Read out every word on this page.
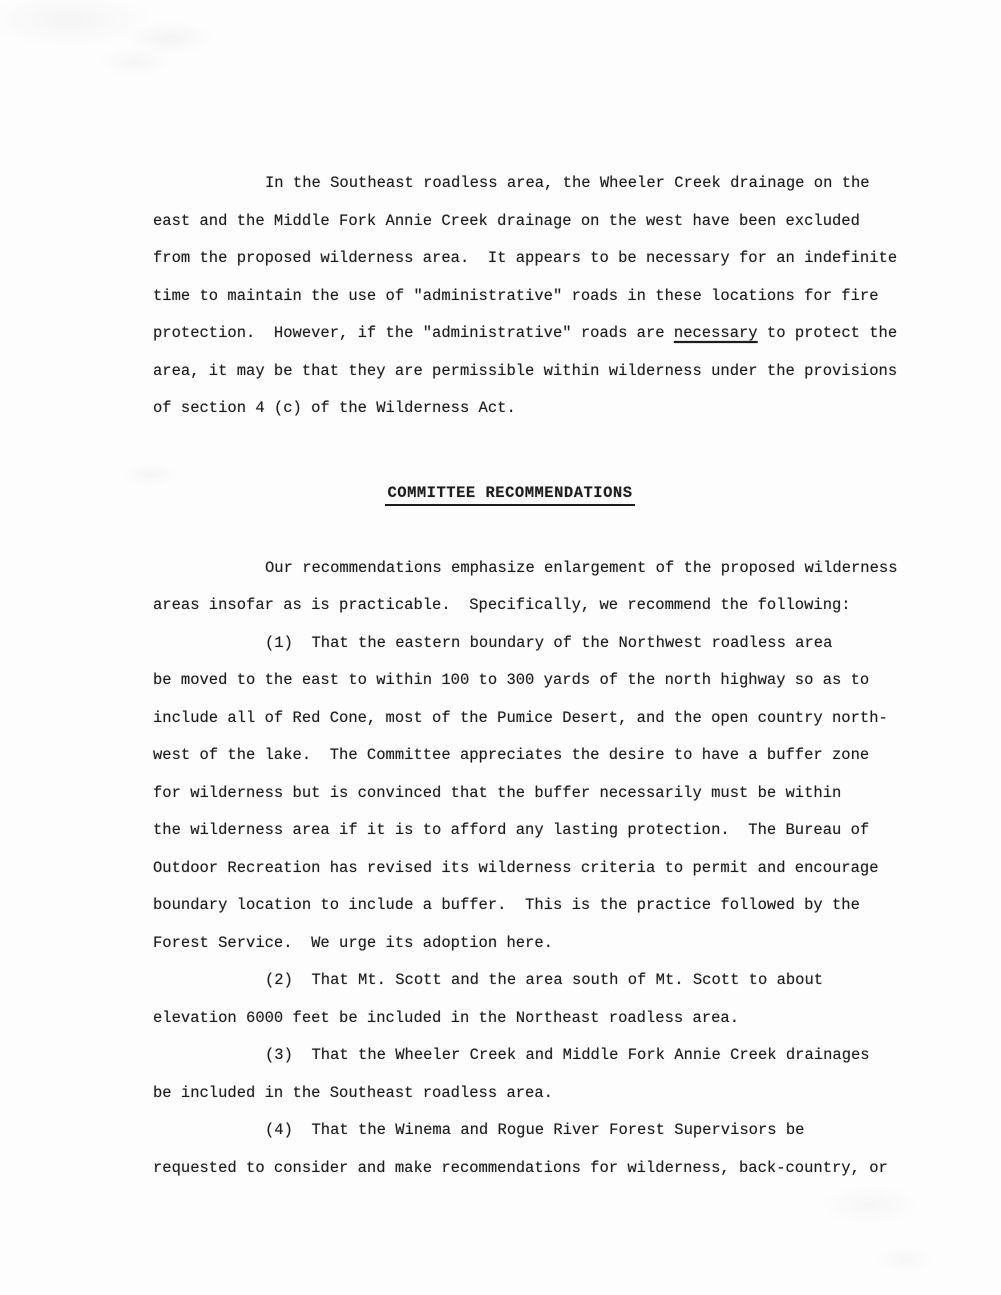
In the Southeast roadless area, the Wheeler Creek drainage on the
east and the Middle Fork Annie Creek drainage on the west have been excluded
from the proposed wilderness area.  It appears to be necessary for an indefinite
time to maintain the use of "administrative" roads in these locations for fire
protection.  However, if the "administrative" roads are necessary to protect the
area, it may be that they are permissible within wilderness under the provisions
of section 4 (c) of the Wilderness Act.
COMMITTEE RECOMMENDATIONS
Our recommendations emphasize enlargement of the proposed wilderness
areas insofar as is practicable.  Specifically, we recommend the following:
(1)  That the eastern boundary of the Northwest roadless area
be moved to the east to within 100 to 300 yards of the north highway so as to
include all of Red Cone, most of the Pumice Desert, and the open country north-
west of the lake.  The Committee appreciates the desire to have a buffer zone
for wilderness but is convinced that the buffer necessarily must be within
the wilderness area if it is to afford any lasting protection.  The Bureau of
Outdoor Recreation has revised its wilderness criteria to permit and encourage
boundary location to include a buffer.  This is the practice followed by the
Forest Service.  We urge its adoption here.
(2)  That Mt. Scott and the area south of Mt. Scott to about
elevation 6000 feet be included in the Northeast roadless area.
(3)  That the Wheeler Creek and Middle Fork Annie Creek drainages
be included in the Southeast roadless area.
(4)  That the Winema and Rogue River Forest Supervisors be
requested to consider and make recommendations for wilderness, back-country, or
